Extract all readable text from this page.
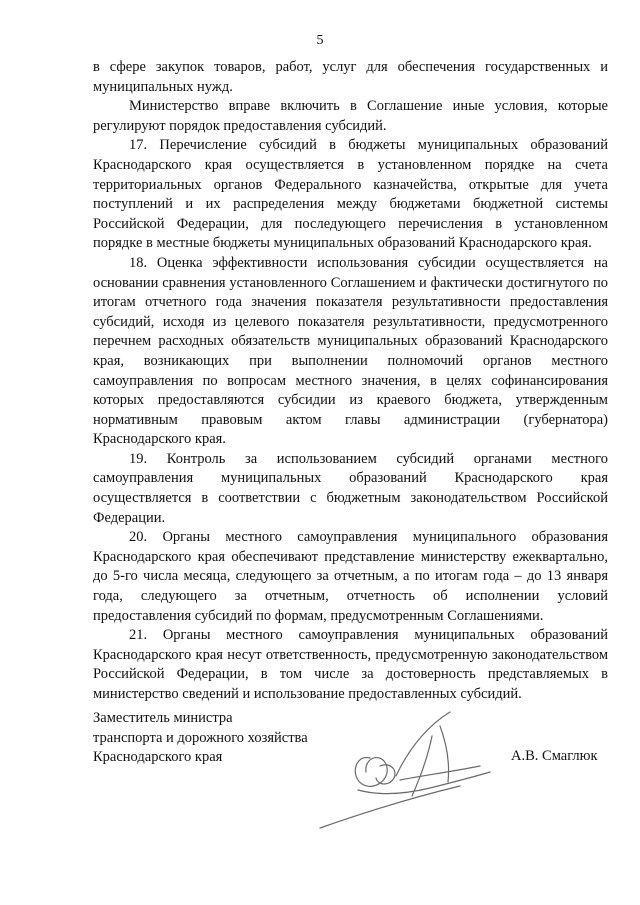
5

в сфере закупок товаров, работ, услуг для обеспечения государственных и муниципальных нужд.

Министерство вправе включить в Соглашение иные условия, которые регулируют порядок предоставления субсидий.

17. Перечисление субсидий в бюджеты муниципальных образований Краснодарского края осуществляется в установленном порядке на счета территориальных органов Федерального казначейства, открытые для учета поступлений и их распределения между бюджетами бюджетной системы Российской Федерации, для последующего перечисления в установленном порядке в местные бюджеты муниципальных образований Краснодарского края.

18. Оценка эффективности использования субсидии осуществляется на основании сравнения установленного Соглашением и фактически достигнутого по итогам отчетного года значения показателя результативности предоставления субсидий, исходя из целевого показателя результативности, предусмотренного перечнем расходных обязательств муниципальных образований Краснодарского края, возникающих при выполнении полномочий органов местного самоуправления по вопросам местного значения, в целях софинансирования которых предоставляются субсидии из краевого бюджета, утвержденным нормативным правовым актом главы администрации (губернатора) Краснодарского края.

19. Контроль за использованием субсидий органами местного самоуправления муниципальных образований Краснодарского края осуществляется в соответствии с бюджетным законодательством Российской Федерации.

20. Органы местного самоуправления муниципального образования Краснодарского края обеспечивают представление министерству ежеквартально, до 5-го числа месяца, следующего за отчетным, а по итогам года – до 13 января года, следующего за отчетным, отчетность об исполнении условий предоставления субсидий по формам, предусмотренным Соглашениями.

21. Органы местного самоуправления муниципальных образований Краснодарского края несут ответственность, предусмотренную законодательством Российской Федерации, в том числе за достоверность представляемых в министерство сведений и использование предоставленных субсидий.

Заместитель министра
транспорта и дорожного хозяйства
Краснодарского края	А.В. Смаглюк
